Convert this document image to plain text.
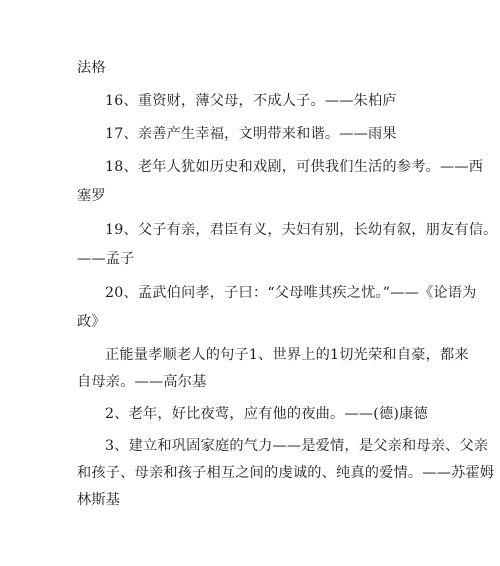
法格
16、重资财，薄父母，不成人子。——朱柏庐
17、亲善产生幸福，文明带来和谐。——雨果
18、老年人犹如历史和戏剧，可供我们生活的参考。——西
塞罗
19、父子有亲，君臣有义，夫妇有别，长幼有叙，朋友有信。
——孟子
20、孟武伯问孝，子曰：“父母唯其疾之忧。”——《论语为
政》
正能量孝顺老人的句子1、世界上的1切光荣和自豪，都来
自母亲。——高尔基
2、老年，好比夜莺，应有他的夜曲。——(德)康德
3、建立和巩固家庭的气力——是爱情，是父亲和母亲、父亲
和孩子、母亲和孩子相互之间的虔诚的、纯真的爱情。——苏霍姆
林斯基
